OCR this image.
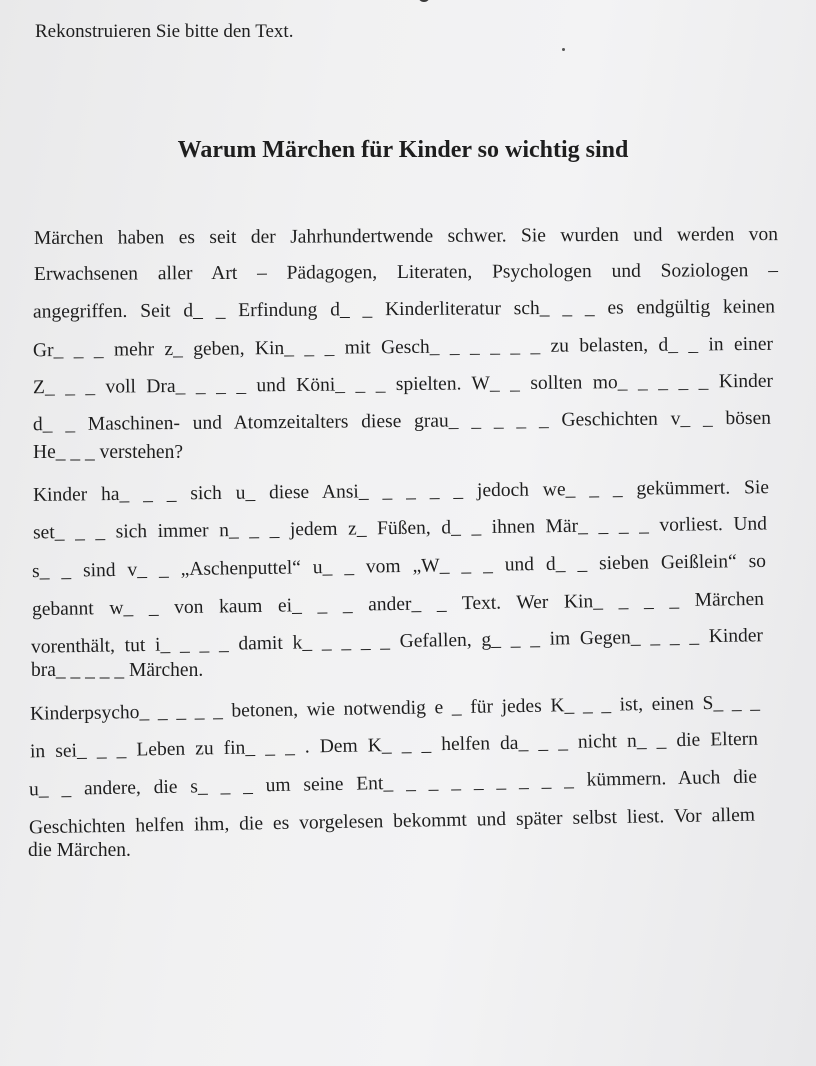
Rekonstruieren Sie bitte den Text.
Warum Märchen für Kinder so wichtig sind
Märchen haben es seit der Jahrhundertwende schwer. Sie wurden und werden von
Erwachsenen aller Art – Pädagogen, Literaten, Psychologen und Soziologen –
angegriffen. Seit d_ _ Erfindung d_ _ Kinderliteratur sch_ _ _ es endgültig keinen
Gr_ _ _ mehr z_ geben, Kin_ _ _ mit Gesch_ _ _ _ _ _ zu belasten, d_ _ in einer
Z_ _ _ voll Dra_ _ _ _ und Köni_ _ _ spielten. W_ _ sollten mo_ _ _ _ _ Kinder
d_ _ Maschinen- und Atomzeitalters diese grau_ _ _ _ _ Geschichten v_ _ bösen
He_ _ _ verstehen?
Kinder ha_ _ _ sich u_ diese Ansi_ _ _ _ _ jedoch we_ _ _ gekümmert. Sie
set_ _ _ sich immer n_ _ _ jedem z_ Füßen, d_ _ ihnen Mär_ _ _ _ vorliest. Und
s_ _ sind v_ _ „Aschenputtel“ u_ _ vom „W_ _ _ und d_ _ sieben Geißlein“ so
gebannt w_ _ von kaum ei_ _ _ ander_ _ Text. Wer Kin_ _ _ _ Märchen
vorenthält, tut i_ _ _ _ damit k_ _ _ _ _ Gefallen, g_ _ _ im Gegen_ _ _ _ Kinder
bra_ _ _ _ _ Märchen.
Kinderpsycho_ _ _ _ _ betonen, wie notwendig e _ für jedes K_ _ _ ist, einen S_ _ _
in sei_ _ _ Leben zu fin_ _ _ . Dem K_ _ _ helfen da_ _ _ nicht n_ _ die Eltern
u_ _ andere, die s_ _ _ um seine Ent_ _ _ _ _ _ _ _ _ kümmern. Auch die
Geschichten helfen ihm, die es vorgelesen bekommt und später selbst liest. Vor allem
die Märchen.
